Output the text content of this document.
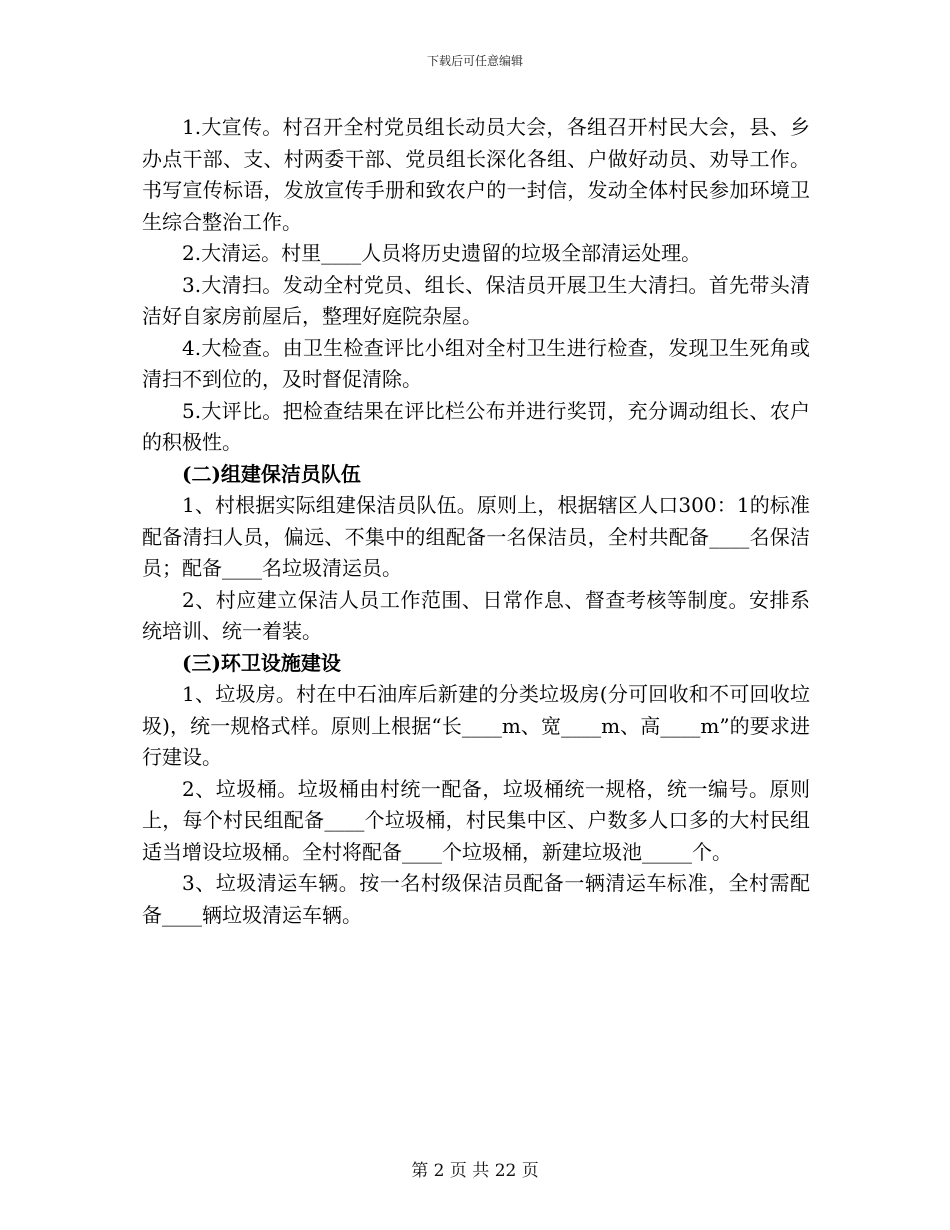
下载后可任意编辑

1.大宣传。村召开全村党员组长动员大会，各组召开村民大会，县、乡办点干部、支、村两委干部、党员组长深化各组、户做好动员、劝导工作。书写宣传标语，发放宣传手册和致农户的一封信，发动全体村民参加环境卫生综合整治工作。

2.大清运。村里____人员将历史遗留的垃圾全部清运处理。

3.大清扫。发动全村党员、组长、保洁员开展卫生大清扫。首先带头清洁好自家房前屋后，整理好庭院杂屋。

4.大检查。由卫生检查评比小组对全村卫生进行检查，发现卫生死角或清扫不到位的，及时督促清除。

5.大评比。把检查结果在评比栏公布并进行奖罚，充分调动组长、农户的积极性。

(二)组建保洁员队伍

1、村根据实际组建保洁员队伍。原则上，根据辖区人口300：1的标准配备清扫人员，偏远、不集中的组配备一名保洁员，全村共配备____名保洁员；配备____名垃圾清运员。

2、村应建立保洁人员工作范围、日常作息、督查考核等制度。安排系统培训、统一着装。

(三)环卫设施建设

1、垃圾房。村在中石油库后新建的分类垃圾房(分可回收和不可回收垃圾)，统一规格式样。原则上根据“长____m、宽____m、高____m”的要求进行建设。

2、垃圾桶。垃圾桶由村统一配备，垃圾桶统一规格，统一编号。原则上，每个村民组配备____个垃圾桶，村民集中区、户数多人口多的大村民组适当增设垃圾桶。全村将配备____个垃圾桶，新建垃圾池_____个。

3、垃圾清运车辆。按一名村级保洁员配备一辆清运车标准，全村需配备____辆垃圾清运车辆。

第 2 页 共 22 页
